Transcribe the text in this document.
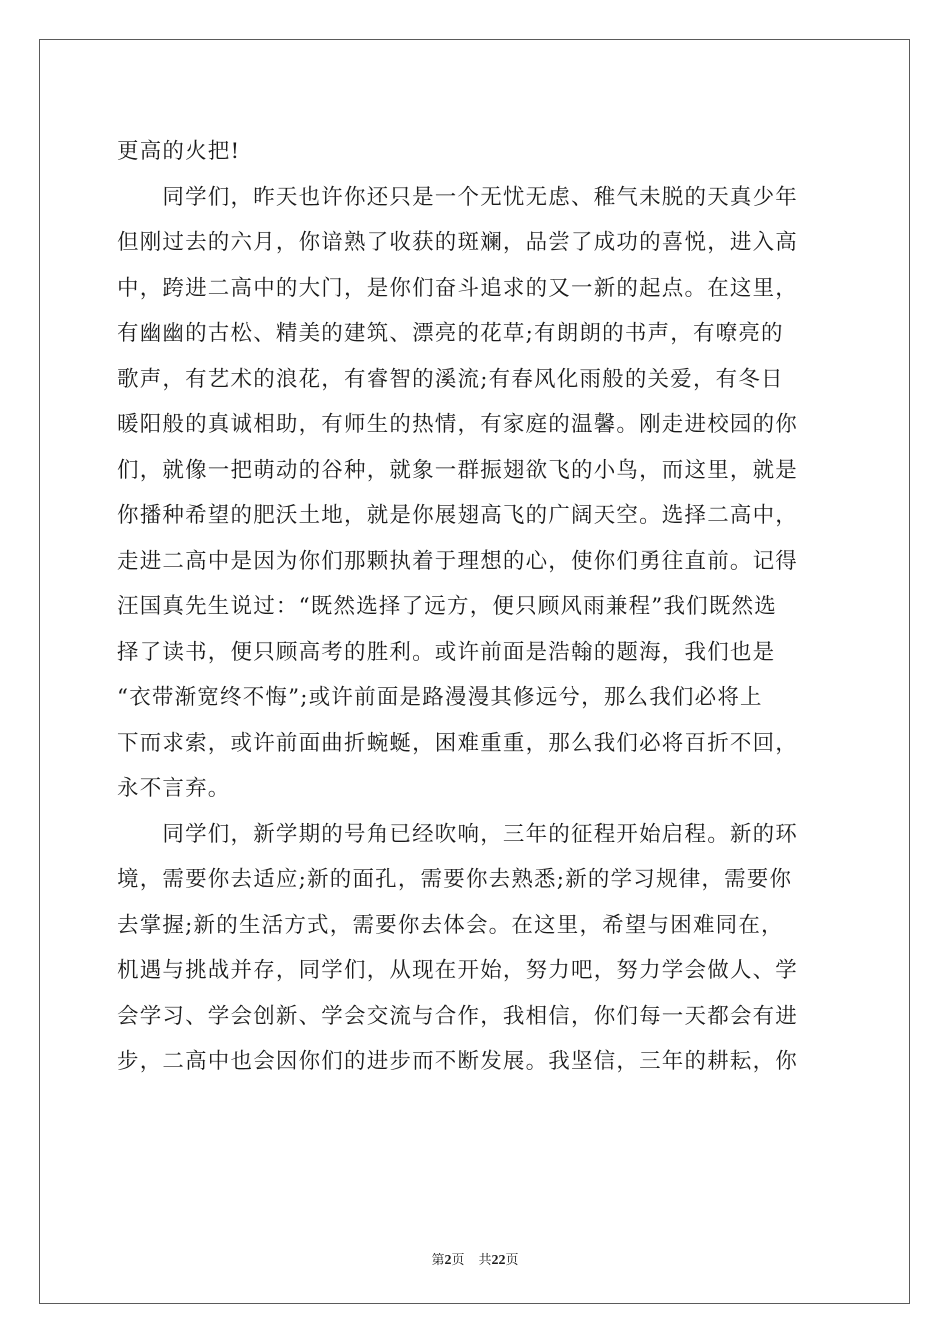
更高的火把!
　　同学们，昨天也许你还只是一个无忧无虑、稚气未脱的天真少年
但刚过去的六月，你谙熟了收获的斑斓，品尝了成功的喜悦，进入高
中，跨进二高中的大门，是你们奋斗追求的又一新的起点。在这里，
有幽幽的古松、精美的建筑、漂亮的花草;有朗朗的书声，有嘹亮的
歌声，有艺术的浪花，有睿智的溪流;有春风化雨般的关爱，有冬日
暖阳般的真诚相助，有师生的热情，有家庭的温馨。刚走进校园的你
们，就像一把萌动的谷种，就象一群振翅欲飞的小鸟，而这里，就是
你播种希望的肥沃土地，就是你展翅高飞的广阔天空。选择二高中，
走进二高中是因为你们那颗执着于理想的心，使你们勇往直前。记得
汪国真先生说过：“既然选择了远方，便只顾风雨兼程”我们既然选
择了读书，便只顾高考的胜利。或许前面是浩翰的题海，我们也是
“衣带渐宽终不悔”;或许前面是路漫漫其修远兮，那么我们必将上
下而求索，或许前面曲折蜿蜒，困难重重，那么我们必将百折不回，
永不言弃。
　　同学们，新学期的号角已经吹响，三年的征程开始启程。新的环
境，需要你去适应;新的面孔，需要你去熟悉;新的学习规律，需要你
去掌握;新的生活方式，需要你去体会。在这里，希望与困难同在，
机遇与挑战并存，同学们，从现在开始，努力吧，努力学会做人、学
会学习、学会创新、学会交流与合作，我相信，你们每一天都会有进
步，二高中也会因你们的进步而不断发展。我坚信，三年的耕耘，你
第2页 共22页
